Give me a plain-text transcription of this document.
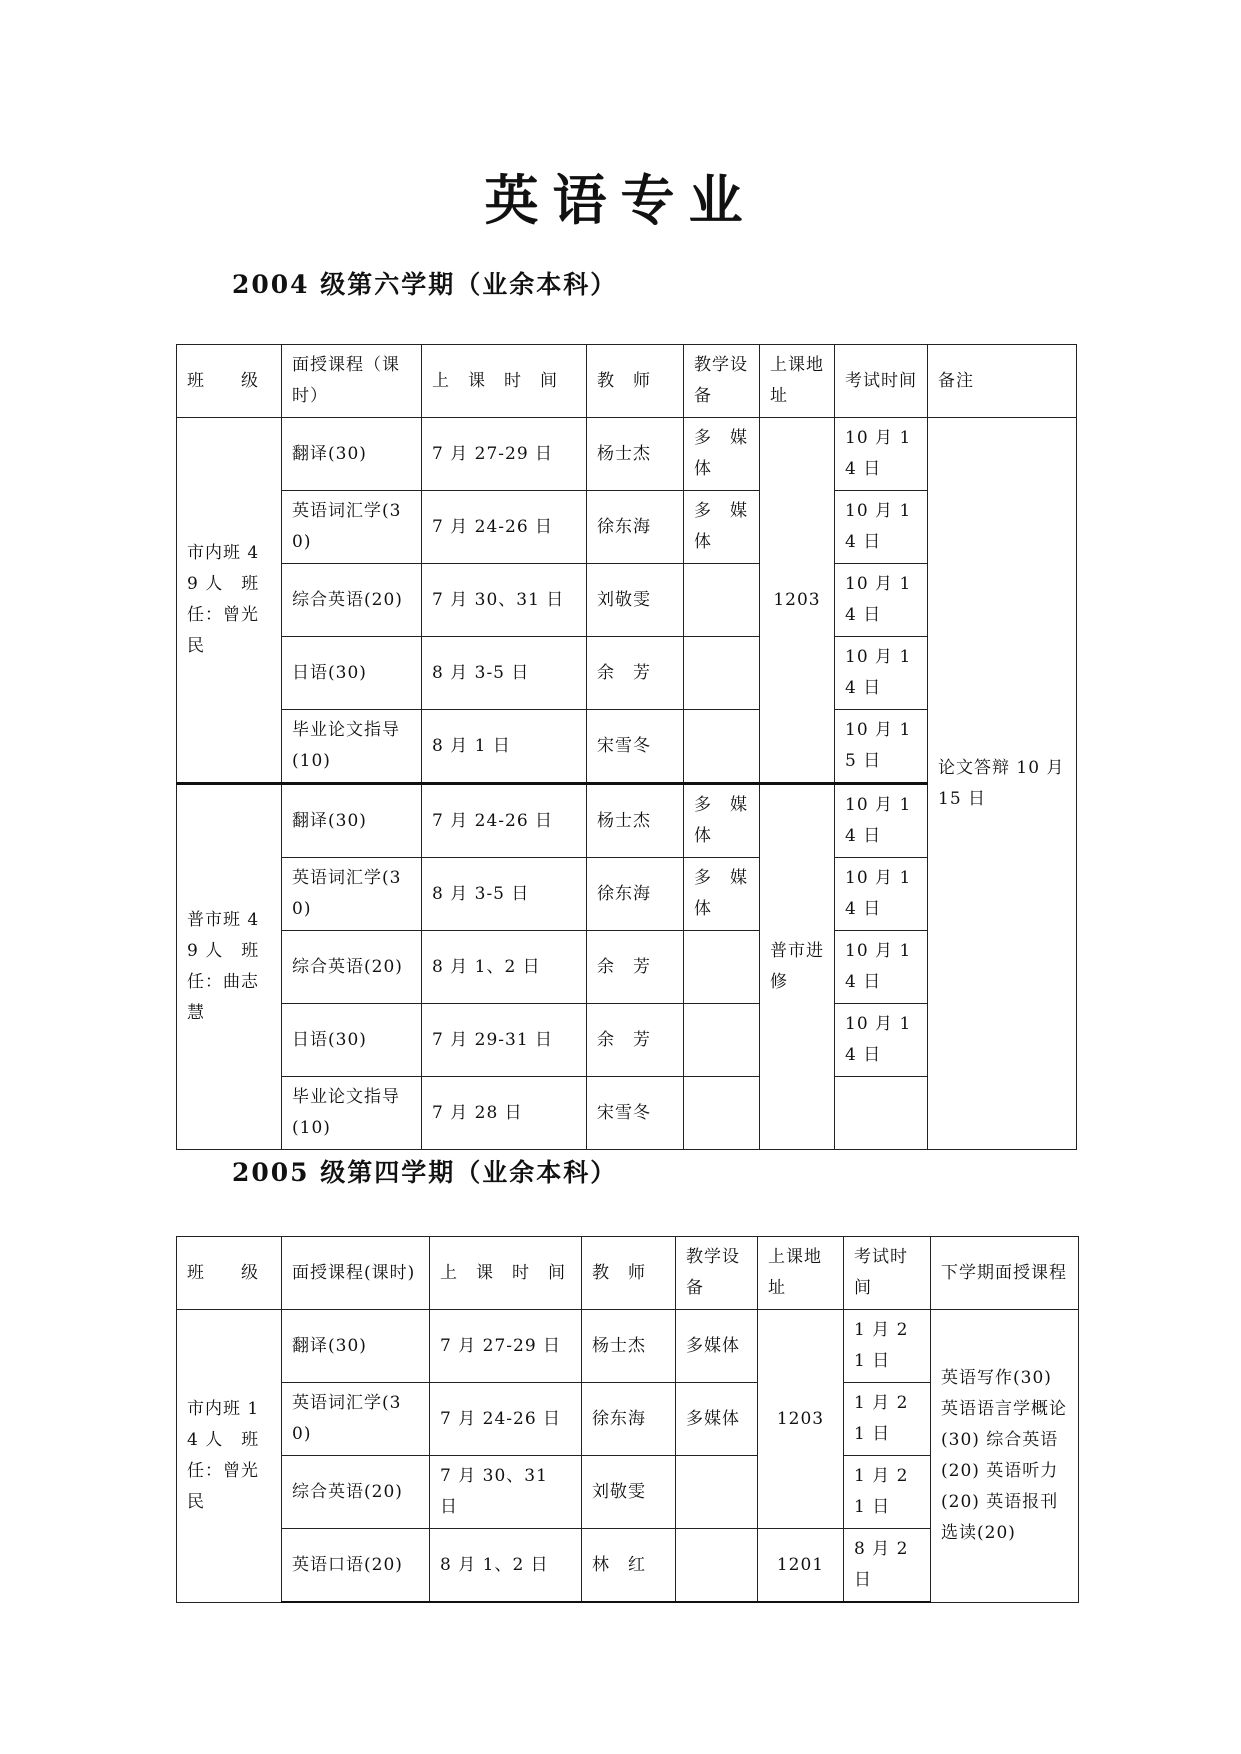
英语专业
2004 级第六学期（业余本科）
班　　级	面授课程（课时）	上　课　时　间	教　师	教学设备	上课地址	考试时间	备注
市内班 49 人　班任：曾光民	翻译(30)	7 月 27-29 日	杨士杰	多　媒体	1203	10 月 14 日	论文答辩 10 月 15 日
	英语词汇学(30)	7 月 24-26 日	徐东海	多　媒体		10 月 14 日	
	综合英语(20)	7 月 30、31 日	刘敬雯			10 月 14 日	
	日语(30)	8 月 3-5 日	余　芳			10 月 14 日	
	毕业论文指导(10)	8 月 1 日	宋雪冬			10 月 15 日	
普市班 49 人　班任：曲志慧	翻译(30)	7 月 24-26 日	杨士杰	多　媒体	普市进修	10 月 14 日	
	英语词汇学(30)	8 月 3-5 日	徐东海	多　媒体		10 月 14 日	
	综合英语(20)	8 月 1、2 日	余　芳			10 月 14 日	
	日语(30)	7 月 29-31 日	余　芳			10 月 14 日	
	毕业论文指导(10)	7 月 28 日	宋雪冬				
2005 级第四学期（业余本科）
班　　级	面授课程(课时)	上　课　时　间	教　师	教学设备	上课地址	考试时间	下学期面授课程
市内班 14 人　班任：曾光民	翻译(30)	7 月 27-29 日	杨士杰	多媒体	1203	1 月 21 日	英语写作(30) 英语语言学概论(30) 综合英语(20) 英语听力(20) 英语报刊选读(20)
	英语词汇学(30)	7 月 24-26 日	徐东海	多媒体		1 月 21 日	
	综合英语(20)	7 月 30、31 日	刘敬雯			1 月 21 日	
	英语口语(20)	8 月 1、2 日	林　红		1201	8 月 2 日	
